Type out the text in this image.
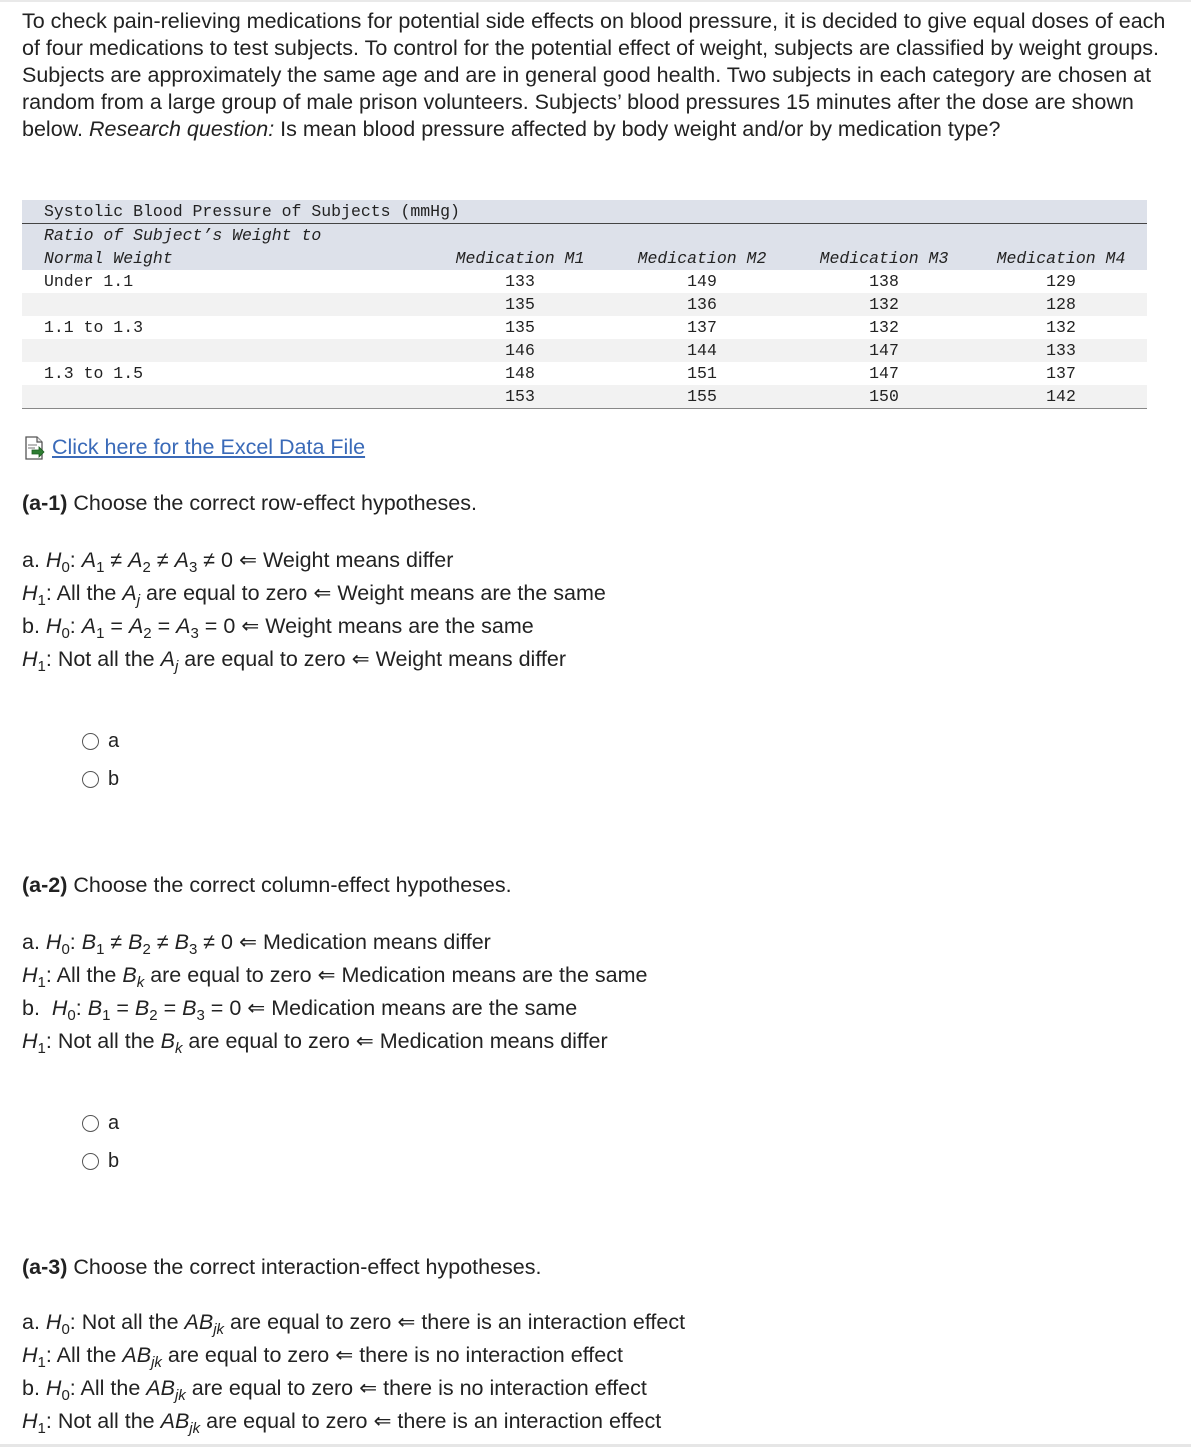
To check pain-relieving medications for potential side effects on blood pressure, it is decided to give equal doses of each of four medications to test subjects. To control for the potential effect of weight, subjects are classified by weight groups. Subjects are approximately the same age and are in general good health. Two subjects in each category are chosen at random from a large group of male prison volunteers. Subjects’ blood pressures 15 minutes after the dose are shown below. Research question: Is mean blood pressure affected by body weight and/or by medication type?

Systolic Blood Pressure of Subjects (mmHg)				
Ratio of Subject’s Weight to
Normal Weight	Medication M1	Medication M2	Medication M3	Medication M4
Under 1.1	133	149	138	129
	135	136	132	128
1.1 to 1.3	135	137	132	132
	146	144	147	133
1.3 to 1.5	148	151	147	137
	153	155	150	142
Click here for the Excel Data File
(a-1) Choose the correct row-effect hypotheses.
a. $H_0$: $A_1 \ne A_2 \ne A_3 \ne 0$ ⇐ Weight means differ
$H_1$: All the $A_j$ are equal to zero ⇐ Weight means are the same
b. $H_0$: $A_1 = A_2 = A_3 = 0$ ⇐ Weight means are the same
$H_1$: Not all the $A_j$ are equal to zero ⇐ Weight means differ
a
b
(a-2) Choose the correct column-effect hypotheses.
a. $H_0$: $B_1 \ne B_2 \ne B_3 \ne 0$ ⇐ Medication means differ
$H_1$: All the $B_k$ are equal to zero ⇐ Medication means are the same
b.  $H_0$: $B_1 = B_2 = B_3 = 0$ ⇐ Medication means are the same
$H_1$: Not all the $B_k$ are equal to zero ⇐ Medication means differ
a
b
(a-3) Choose the correct interaction-effect hypotheses.
a. $H_0$: Not all the $AB_{jk}$ are equal to zero ⇐ there is an interaction effect
$H_1$: All the $AB_{jk}$ are equal to zero ⇐ there is no interaction effect
b. $H_0$: All the $AB_{jk}$ are equal to zero ⇐ there is no interaction effect
$H_1$: Not all the $AB_{jk}$ are equal to zero ⇐ there is an interaction effect
